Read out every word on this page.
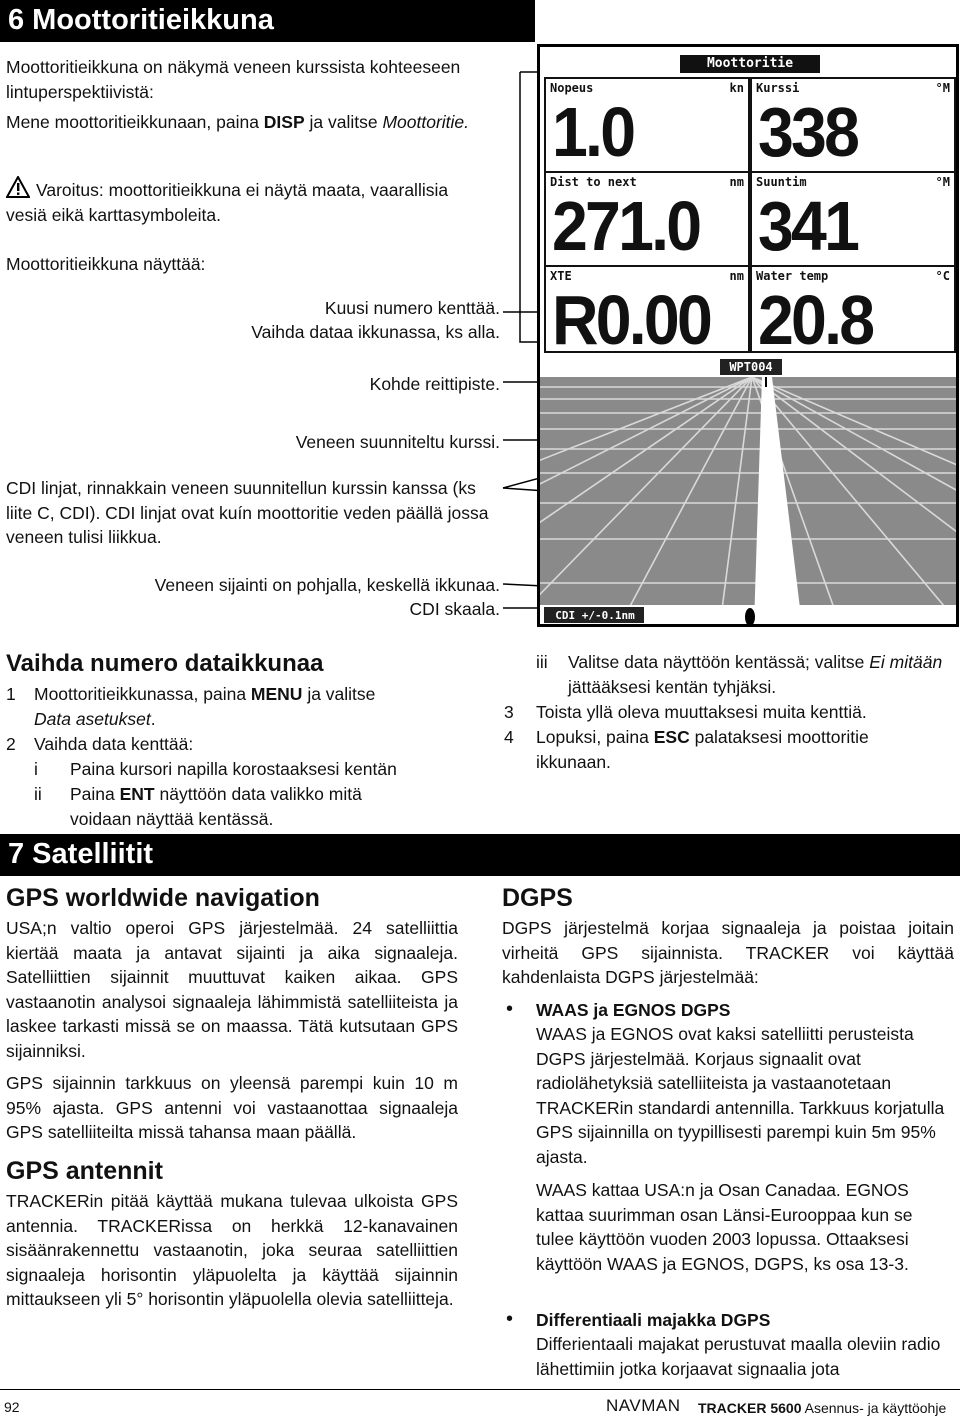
6 Moottoritieikkuna

Moottoritieikkuna on näkymä veneen kurssista kohteeseen lintuperspektiivistä:

Mene moottoritieikkunaan, paina DISP ja valitse Moottoritie.

Varoitus: moottoritieikkuna ei näytä maata, vaarallisia vesiä eikä karttasymboleita.

Moottoritieikkuna näyttää:

Kuusi numero kenttää.

Vaihda dataa ikkunassa, ks alla.

Kohde reittipiste.

Veneen suunniteltu kurssi.

CDI linjat, rinnakkain veneen suunnitellun kurssin kanssa (ks liite C, CDI). CDI linjat ovat kuín moottoritie veden päällä jossa veneen tulisi liikkua.

Veneen sijainti on pohjalla, keskellä ikkunaa.

CDI skaala.

Moottoritie
Nopeus	kn
1.0
Kurssi	°M
338
Dist to next	nm
271.0
Suuntim	°M
341
XTE	nm
R0.00
Water temp	°C
20.8
WPT004
CDI +/-0.1nm
Vaihda numero dataikkunaa
1 Moottoritieikkunassa, paina MENU ja valitse
Data asetukset.
2 Vaihda data kenttää:
i Paina kursori napilla korostaaksesi kentän
ii Paina ENT näyttöön data valikko mitä voidaan näyttää kentässä.
iii Valitse data näyttöön kentässä; valitse Ei mitään jättääksesi kentän tyhjäksi.
3 Toista yllä oleva muuttaksesi muita kenttiä.
4 Lopuksi, paina ESC palataksesi moottoritie ikkunaan.
7 Satelliitit
GPS worldwide navigation

USA;n valtio operoi GPS järjestelmää. 24 satelliittia kiertää maata ja antavat sijainti ja aika signaaleja. Satelliittien sijainnit muuttuvat kaiken aikaa. GPS vastaanotin analysoi signaaleja lähimmistä satelliiteista ja laskee tarkasti missä se on maassa. Tätä kutsutaan GPS sijainniksi.

GPS sijainnin tarkkuus on yleensä parempi kuin 10 m 95% ajasta. GPS antenni voi vastaanottaa signaaleja GPS satelliiteilta missä tahansa maan päällä.

GPS antennit

TRACKERin pitää käyttää mukana tulevaa ulkoista GPS antennia. TRACKERissa on herkkä 12-kanavainen sisäänrakennettu vastaanotin, joka seuraa satelliittien signaaleja horisontin yläpuolelta ja käyttää sijainnin mittaukseen yli 5° horisontin yläpuolella olevia satelliitteja.

DGPS

DGPS järjestelmä korjaa signaaleja ja poistaa joitain virheitä GPS sijainnista. TRACKER voi käyttää kahdenlaista DGPS järjestelmää:

• WAAS ja EGNOS DGPS

WAAS ja EGNOS ovat kaksi satelliitti perusteista DGPS järjestelmää. Korjaus signaalit ovat radiolähetyksiä satelliiteista ja vastaanotetaan TRACKERin standardi antennilla. Tarkkuus korjatulla GPS sijainnilla on tyypillisesti parempi kuin 5m 95% ajasta.

WAAS kattaa USA:n ja Osan Canadaa. EGNOS kattaa suurimman osan Länsi-Eurooppaa kun se tulee käyttöön vuoden 2003 lopussa. Ottaaksesi käyttöön WAAS ja EGNOS, DGPS, ks osa 13-3.

• Differentiaali majakka DGPS

Differientaali majakat perustuvat maalla oleviin radio lähettimiin jotka korjaavat signaalia jota

92	NAVMAN TRACKER 5600 Asennus- ja käyttöohje
